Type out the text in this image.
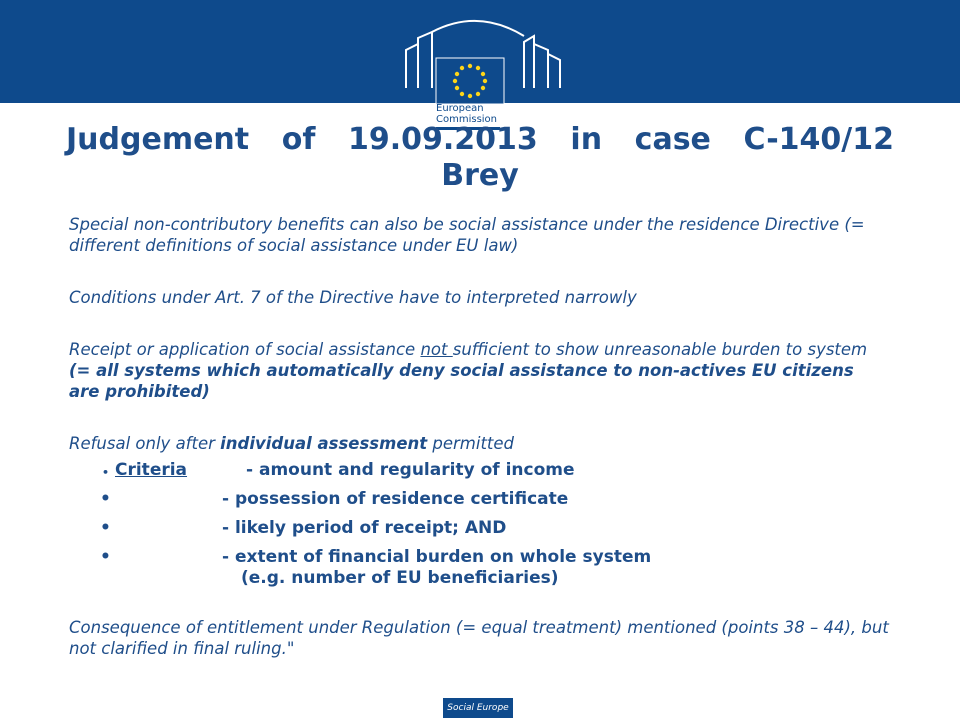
European
Commission
Judgement of 19.09.2013 in case C-140/12
Brey

Special non-contributory benefits can also be social assistance under the residence Directive (= different definitions of social assistance under EU law)

Conditions under Art. 7 of the Directive have to interpreted narrowly

Receipt or application of social assistance not sufficient to show unreasonable burden to system (= all systems which automatically deny social assistance to non-actives EU citizens are prohibited)

Refusal only after individual assessment permitted

• Criteria	- amount and regularity of income
•	- possession of residence certificate
•	- likely period of receipt; AND
•	- extent of financial burden on whole system
(e.g. number of EU beneficiaries)

Consequence of entitlement under Regulation (= equal treatment) mentioned (points 38 – 44), but not clarified in final ruling."

Social Europe
